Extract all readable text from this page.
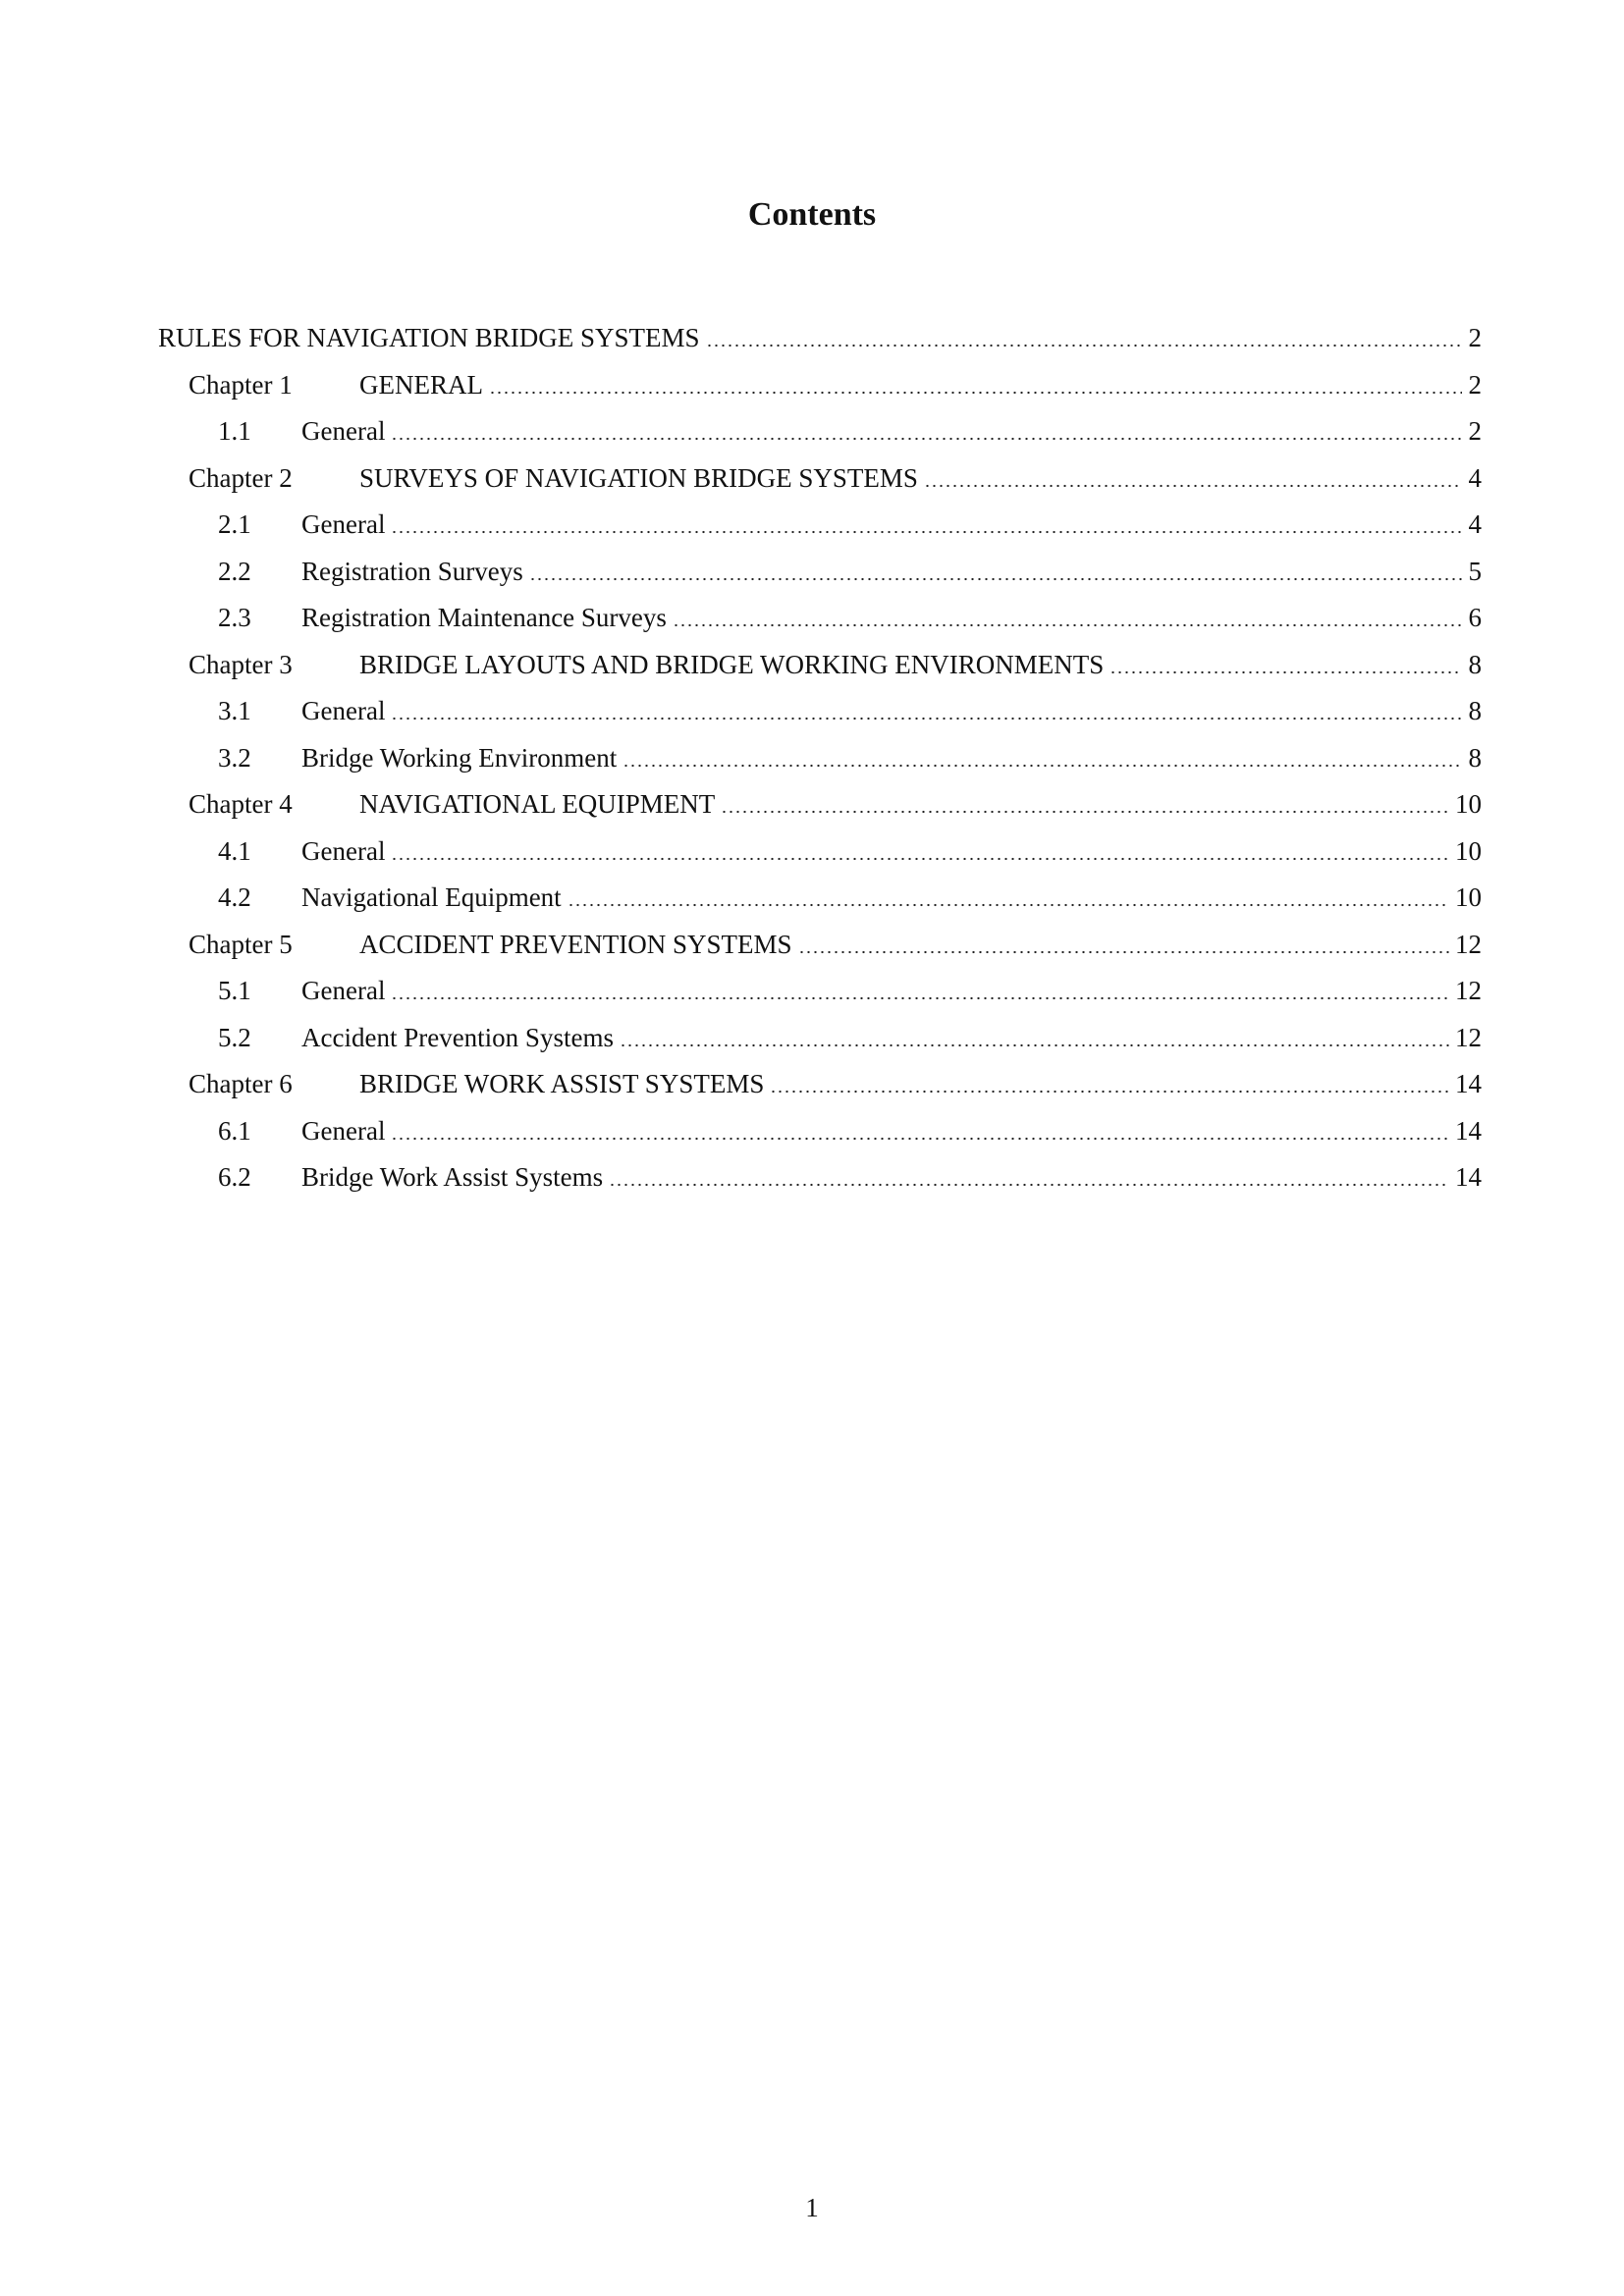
Contents
RULES FOR NAVIGATION BRIDGE SYSTEMS	2
Chapter 1	GENERAL	2
1.1	General	2
Chapter 2	SURVEYS OF NAVIGATION BRIDGE SYSTEMS	4
2.1	General	4
2.2	Registration Surveys	5
2.3	Registration Maintenance Surveys	6
Chapter 3	BRIDGE LAYOUTS AND BRIDGE WORKING ENVIRONMENTS	8
3.1	General	8
3.2	Bridge Working Environment	8
Chapter 4	NAVIGATIONAL EQUIPMENT	10
4.1	General	10
4.2	Navigational Equipment	10
Chapter 5	ACCIDENT PREVENTION SYSTEMS	12
5.1	General	12
5.2	Accident Prevention Systems	12
Chapter 6	BRIDGE WORK ASSIST SYSTEMS	14
6.1	General	14
6.2	Bridge Work Assist Systems	14
1
